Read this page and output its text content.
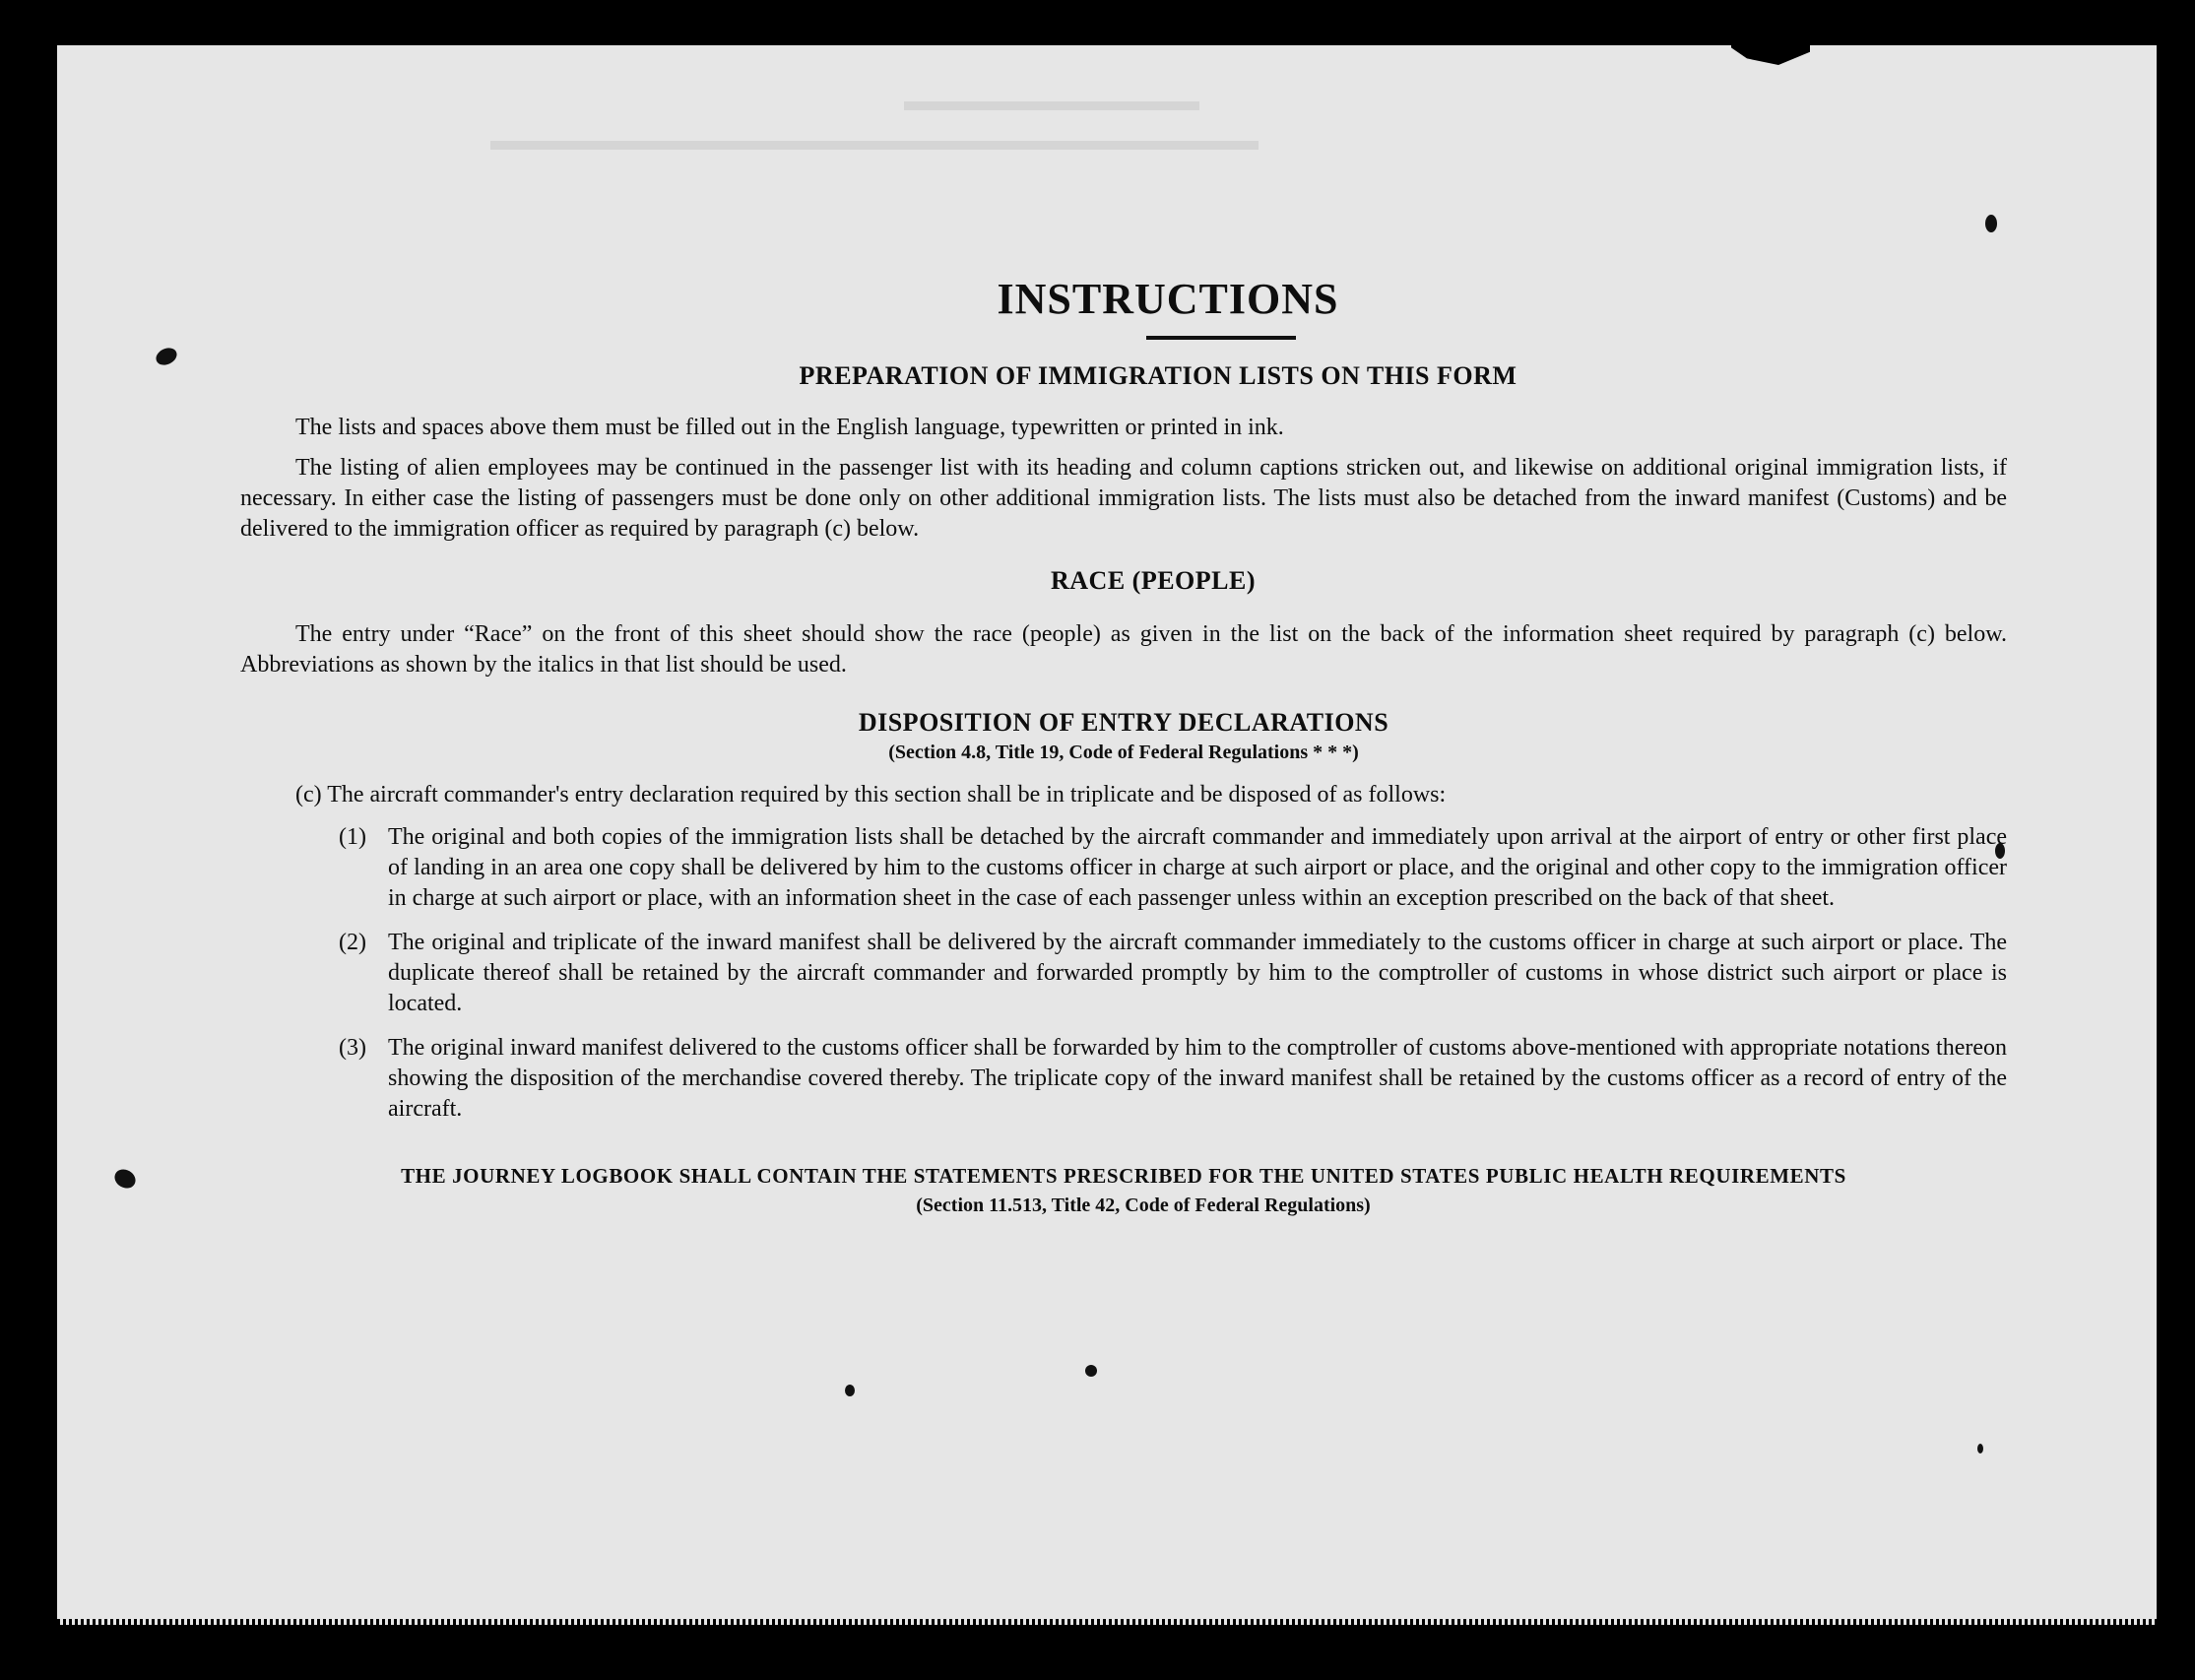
▬▬▬▬▬▬▬▬▬▬
▬▬▬▬▬▬▬▬▬▬▬▬▬▬▬▬▬▬▬▬▬▬▬▬▬▬
INSTRUCTIONS
PREPARATION OF IMMIGRATION LISTS ON THIS FORM

The lists and spaces above them must be filled out in the English language, typewritten or printed in ink.

The listing of alien employees may be continued in the passenger list with its heading and column captions stricken out, and likewise on additional original immigration lists, if necessary. In either case the listing of passengers must be done only on other additional immigration lists. The lists must also be detached from the inward manifest (Customs) and be delivered to the immigration officer as required by paragraph (c) below.

RACE (PEOPLE)

The entry under “Race” on the front of this sheet should show the race (people) as given in the list on the back of the information sheet required by paragraph (c) below. Abbreviations as shown by the italics in that list should be used.

DISPOSITION OF ENTRY DECLARATIONS
(Section 4.8, Title 19, Code of Federal Regulations * * *)

(c) The aircraft commander's entry declaration required by this section shall be in triplicate and be disposed of as follows:

(1) The original and both copies of the immigration lists shall be detached by the aircraft commander and immediately upon arrival at the airport of entry or other first place of landing in an area one copy shall be delivered by him to the customs officer in charge at such airport or place, and the original and other copy to the immigration officer in charge at such airport or place, with an information sheet in the case of each passenger unless within an exception prescribed on the back of that sheet.
(2) The original and triplicate of the inward manifest shall be delivered by the aircraft commander immediately to the customs officer in charge at such airport or place. The duplicate thereof shall be retained by the aircraft commander and forwarded promptly by him to the comptroller of customs in whose district such airport or place is located.
(3) The original inward manifest delivered to the customs officer shall be forwarded by him to the comptroller of customs above-mentioned with appropriate notations thereon showing the disposition of the merchandise covered thereby. The triplicate copy of the inward manifest shall be retained by the customs officer as a record of entry of the aircraft.
THE JOURNEY LOGBOOK SHALL CONTAIN THE STATEMENTS PRESCRIBED FOR THE UNITED STATES PUBLIC HEALTH REQUIREMENTS
(Section 11.513, Title 42, Code of Federal Regulations)
